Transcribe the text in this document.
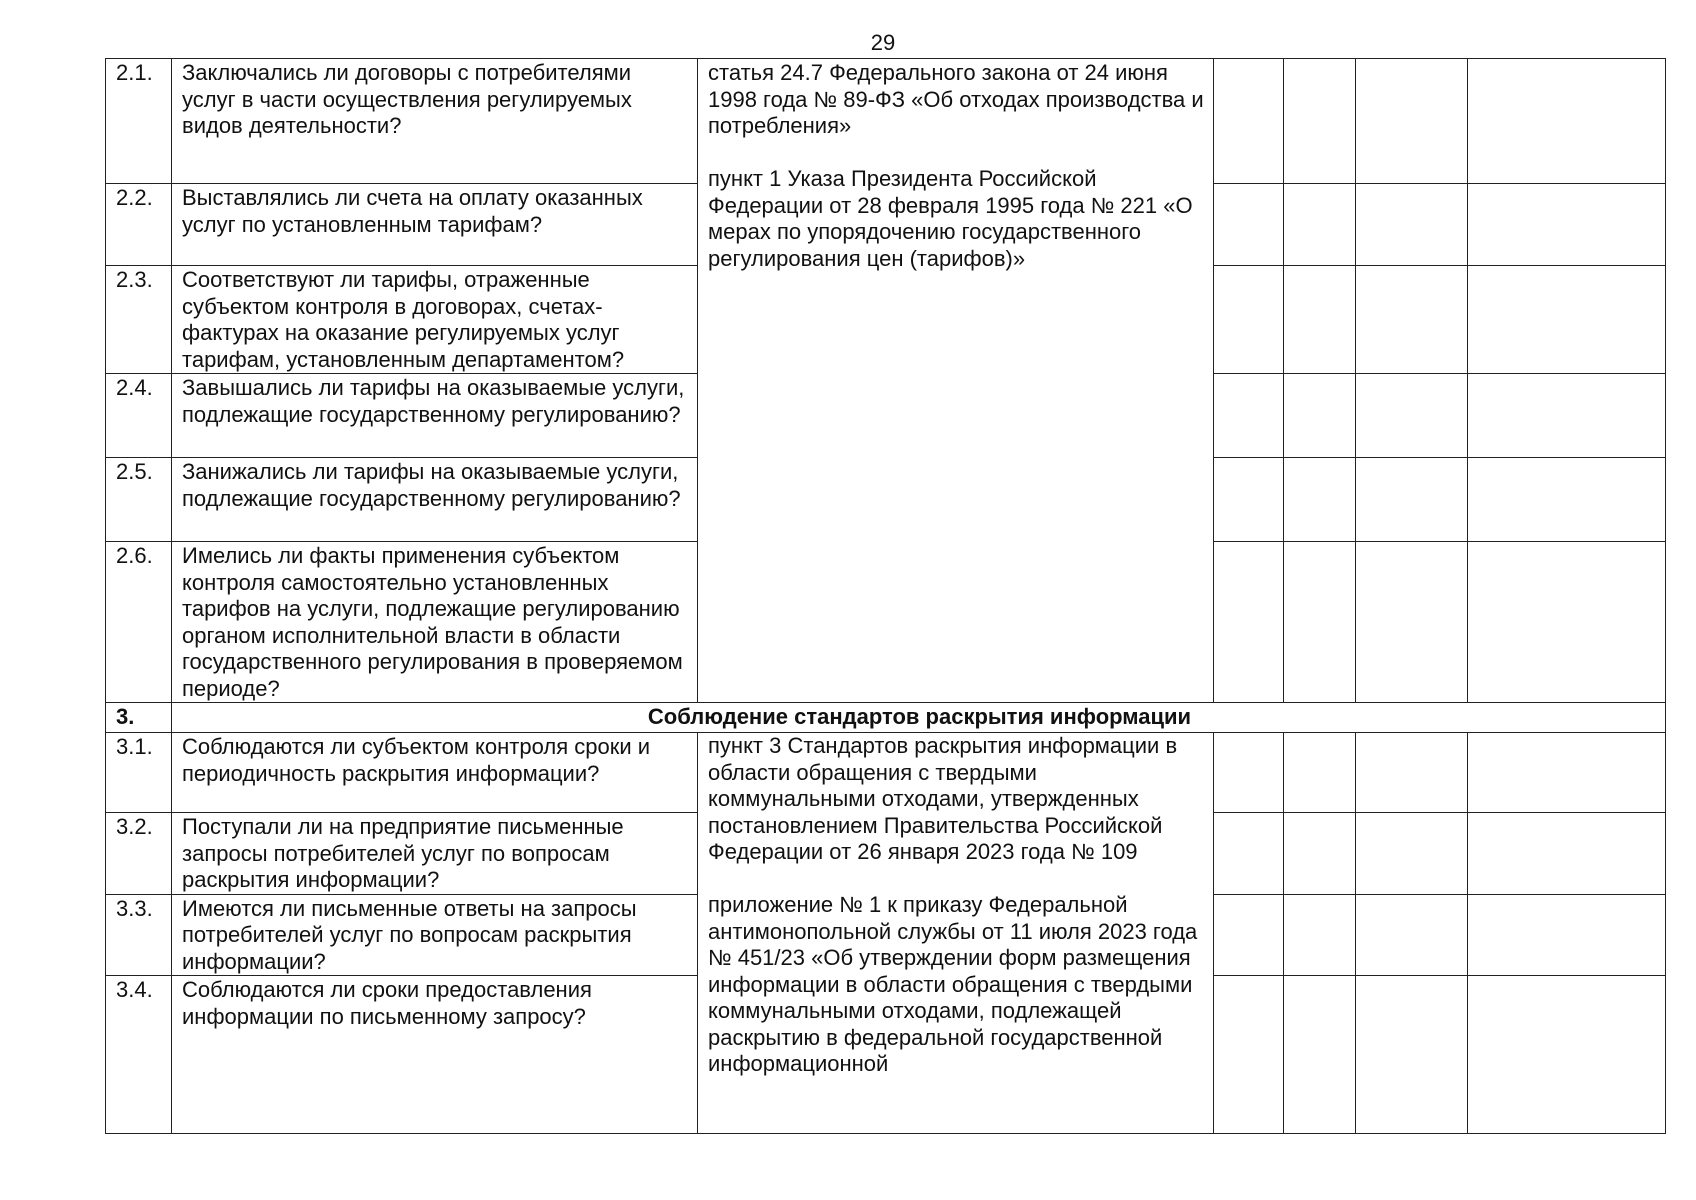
29
2.1.	Заключались ли договоры с потребителями услуг в части осуществления регулируемых видов деятельности?	статья 24.7 Федерального закона от 24 июня 1998 года № 89-ФЗ «Об отходах производства и потребления»

пункт 1 Указа Президента Российской Федерации от 28 февраля 1995 года № 221 «О мерах по упорядочению государственного регулирования цен (тарифов)»				
2.2.	Выставлялись ли счета на оплату оказанных услуг по установленным тарифам?					
2.3.	Соответствуют ли тарифы, отраженные субъектом контроля в договорах, счетах-фактурах на оказание регулируемых услуг тарифам, установленным департаментом?					
2.4.	Завышались ли тарифы на оказываемые услуги, подлежащие государственному регулированию?					
2.5.	Занижались ли тарифы на оказываемые услуги, подлежащие государственному регулированию?					
2.6.	Имелись ли факты применения субъектом контроля самостоятельно установленных тарифов на услуги, подлежащие регулированию органом исполнительной власти в области государственного регулирования в проверяемом периоде?					
3.	Соблюдение стандартов раскрытия информации					
3.1.	Соблюдаются ли субъектом контроля сроки и периодичность раскрытия информации?	пункт 3 Стандартов раскрытия информации в области обращения с твердыми коммунальными отходами, утвержденных постановлением Правительства Российской Федерации от 26 января 2023 года № 109

приложение № 1 к приказу Федеральной антимонопольной службы от 11 июля 2023 года № 451/23 «Об утверждении форм размещения информации в области обращения с твердыми коммунальными отходами, подлежащей раскрытию в федеральной государственной информационной				
3.2.	Поступали ли на предприятие письменные запросы потребителей услуг по вопросам раскрытия информации?					
3.3.	Имеются ли письменные ответы на запросы потребителей услуг по вопросам раскрытия информации?					
3.4.	Соблюдаются ли сроки предоставления информации по письменному запросу?					
